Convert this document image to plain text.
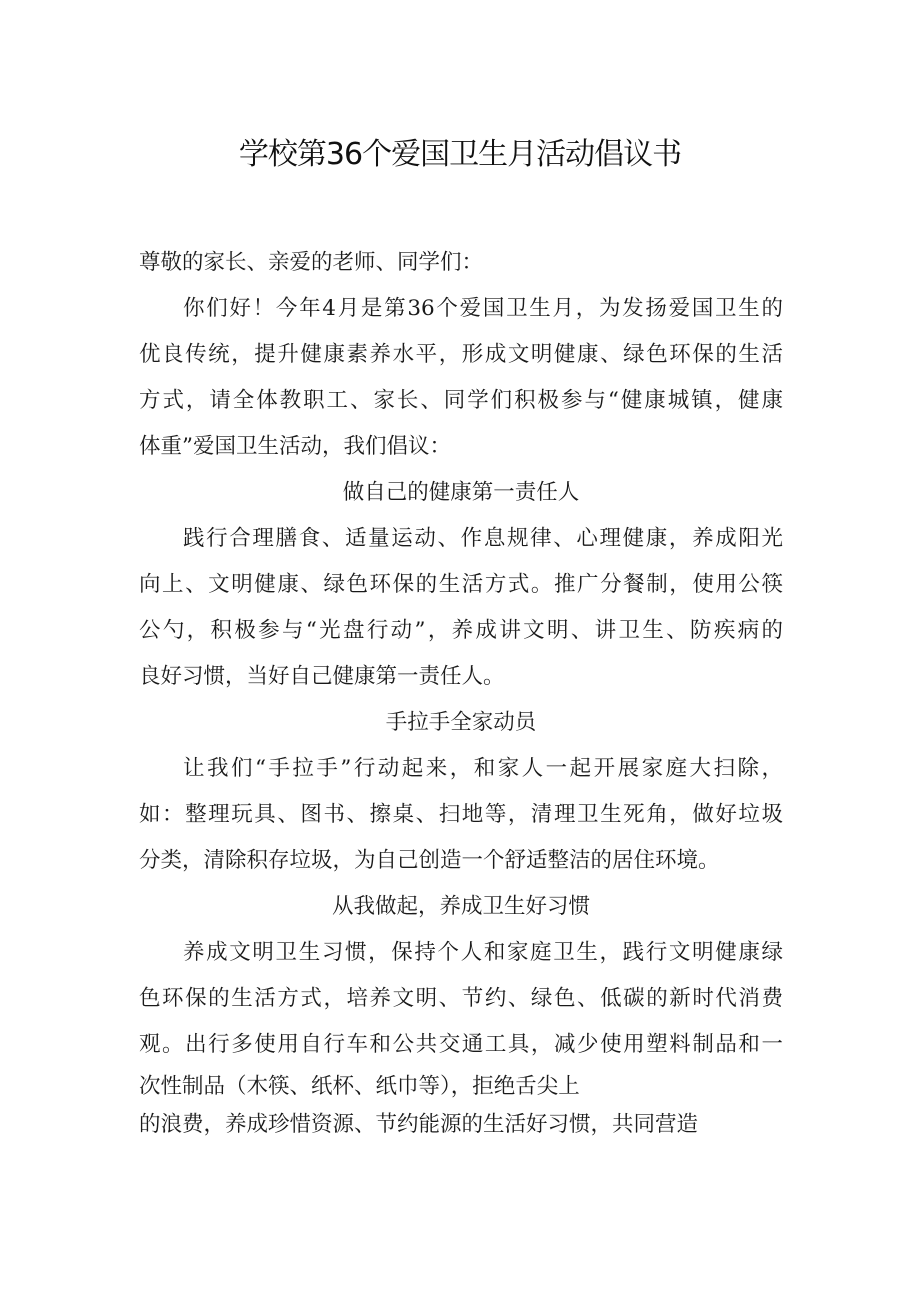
学校第36个爱国卫生月活动倡议书
尊敬的家长、亲爱的老师、同学们：
你们好！今年4月是第36个爱国卫生月，为发扬爱国卫生的
优良传统，提升健康素养水平，形成文明健康、绿色环保的生活
方式，请全体教职工、家长、同学们积极参与“健康城镇，健康
体重”爱国卫生活动，我们倡议：
做自己的健康第一责任人
践行合理膳食、适量运动、作息规律、心理健康，养成阳光
向上、文明健康、绿色环保的生活方式。推广分餐制，使用公筷
公勺，积极参与“光盘行动”，养成讲文明、讲卫生、防疾病的
良好习惯，当好自己健康第一责任人。
手拉手全家动员
让我们“手拉手”行动起来，和家人一起开展家庭大扫除，
如：整理玩具、图书、擦桌、扫地等，清理卫生死角，做好垃圾
分类，清除积存垃圾，为自己创造一个舒适整洁的居住环境。
从我做起，养成卫生好习惯
养成文明卫生习惯，保持个人和家庭卫生，践行文明健康绿
色环保的生活方式，培养文明、节约、绿色、低碳的新时代消费
观。出行多使用自行车和公共交通工具，减少使用塑料制品和一
次性制品（木筷、纸杯、纸巾等），拒绝舌尖上
的浪费，养成珍惜资源、节约能源的生活好习惯，共同营造
